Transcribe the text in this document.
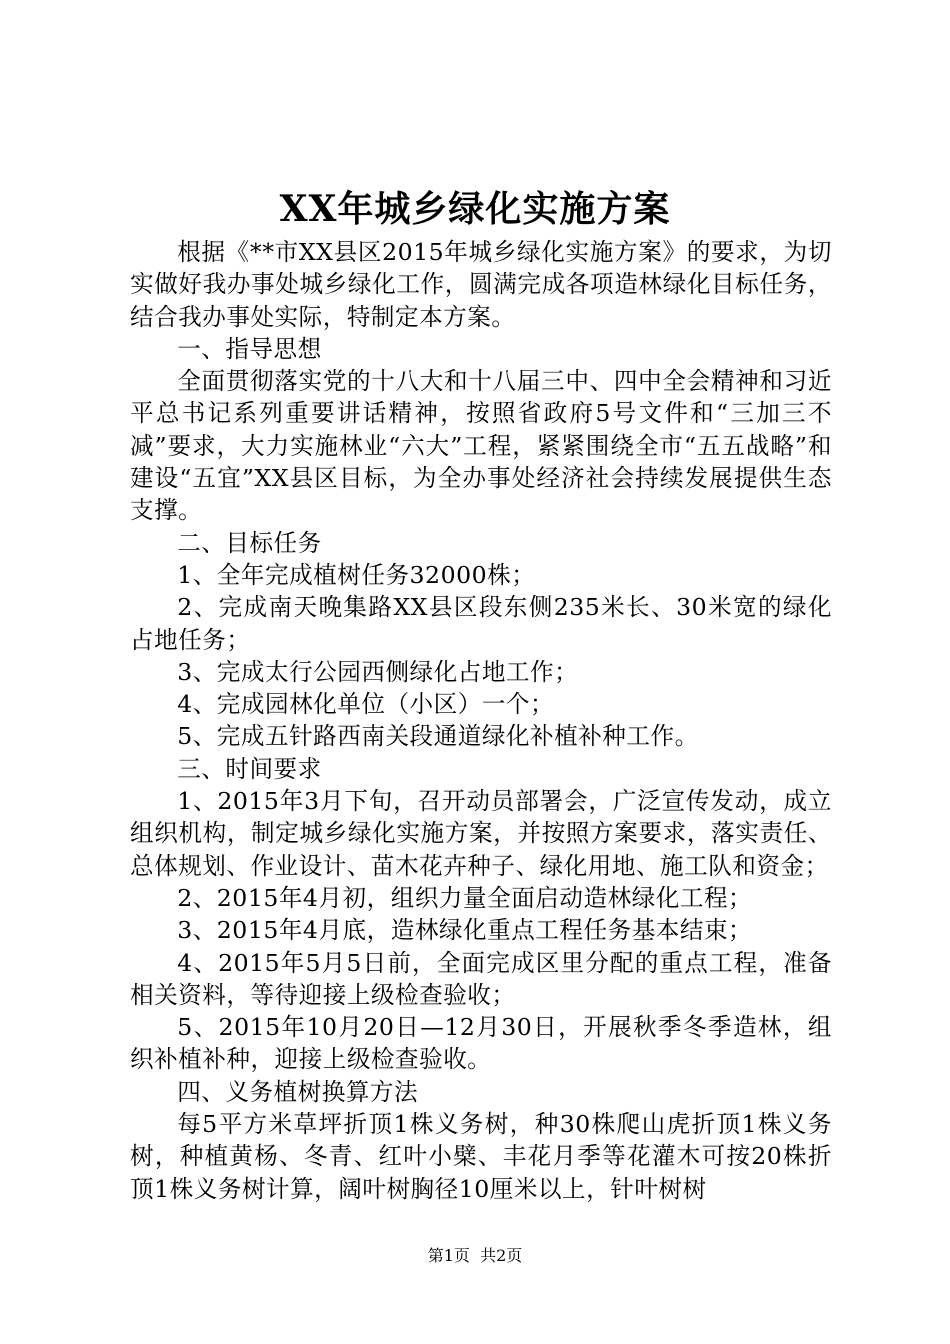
XX年城乡绿化实施方案

根据《**市XX县区2015年城乡绿化实施方案》的要求，为切实做好我办事处城乡绿化工作，圆满完成各项造林绿化目标任务，结合我办事处实际，特制定本方案。

一、指导思想

全面贯彻落实党的十八大和十八届三中、四中全会精神和习近平总书记系列重要讲话精神，按照省政府5号文件和“三加三不减”要求，大力实施林业“六大”工程，紧紧围绕全市“五五战略”和建设“五宜”XX县区目标，为全办事处经济社会持续发展提供生态支撑。

二、目标任务

1、全年完成植树任务32000株；

2、完成南天晚集路XX县区段东侧235米长、30米宽的绿化占地任务；

3、完成太行公园西侧绿化占地工作；

4、完成园林化单位（小区）一个；

5、完成五针路西南关段通道绿化补植补种工作。

三、时间要求

1、2015年3月下旬，召开动员部署会，广泛宣传发动，成立组织机构，制定城乡绿化实施方案，并按照方案要求，落实责任、总体规划、作业设计、苗木花卉种子、绿化用地、施工队和资金；

2、2015年4月初，组织力量全面启动造林绿化工程；

3、2015年4月底，造林绿化重点工程任务基本结束；

4、2015年5月5日前，全面完成区里分配的重点工程，准备相关资料，等待迎接上级检查验收；

5、2015年10月20日—12月30日，开展秋季冬季造林，组织补植补种，迎接上级检查验收。

四、义务植树换算方法

每5平方米草坪折顶1株义务树，种30株爬山虎折顶1株义务树，种植黄杨、冬青、红叶小檗、丰花月季等花灌木可按20株折顶1株义务树计算，阔叶树胸径10厘米以上，针叶树树

第1页 共2页
